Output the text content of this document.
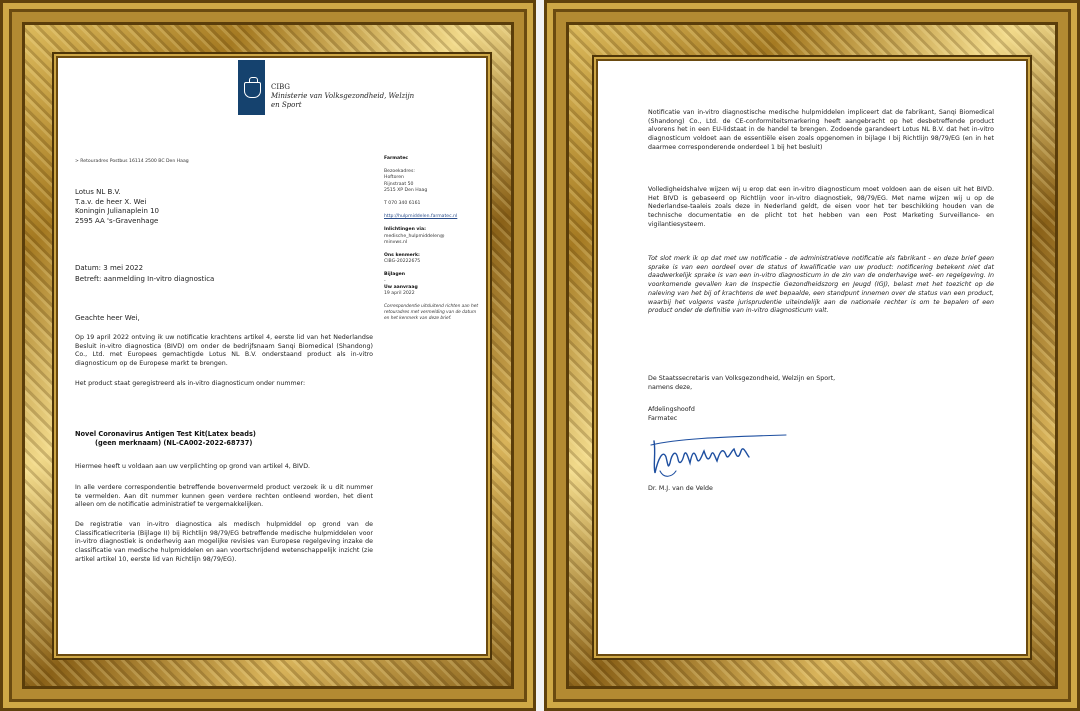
CIBG
Ministerie van Volksgezondheid, Welzijn en Sport
> Retouradres Postbus 16114 2500 BC Den Haag
Lotus NL B.V.
T.a.v. de heer X. Wei
Koningin Julianaplein 10
2595 AA 's-Gravenhage
Datum: 3 mei 2022
Betreft: aanmelding In-vitro diagnostica
Farmatec
Bezoekadres:
Hoftoren
Rijnstraat 50
2515 XP Den Haag
T 070 340 6161
http://hulpmiddelen.farmatec.nl
Inlichtingen via:
medische_hulpmiddelen@
minvws.nl
Ons kenmerk:
CIBG-20222675
Bijlagen
-
Uw aanvraag
19 april 2022
Correspondentie uitsluitend richten aan het retouradres met vermelding van de datum en het kenmerk van deze brief.
Geachte heer Wei,

Op 19 april 2022 ontving ik uw notificatie krachtens artikel 4, eerste lid van het Nederlandse Besluit in-vitro diagnostica (BIVD) om onder de bedrijfsnaam Sanqi Biomedical (Shandong) Co., Ltd. met Europees gemachtigde Lotus NL B.V. onderstaand product als in-vitro diagnosticum op de Europese markt te brengen.

Het product staat geregistreerd als in-vitro diagnosticum onder nummer:

Novel Coronavirus Antigen Test Kit(Latex beads)
(geen merknaam) (NL-CA002-2022-68737)

Hiermee heeft u voldaan aan uw verplichting op grond van artikel 4, BIVD.

In alle verdere correspondentie betreffende bovenvermeld product verzoek ik u dit nummer te vermelden. Aan dit nummer kunnen geen verdere rechten ontleend worden, het dient alleen om de notificatie administratief te vergemakkelijken.

De registratie van in-vitro diagnostica als medisch hulpmiddel op grond van de Classificatiecriteria (Bijlage II) bij Richtlijn 98/79/EG betreffende medische hulpmiddelen voor in-vitro diagnostiek is onderhevig aan mogelijke revisies van Europese regelgeving inzake de classificatie van medische hulpmiddelen en aan voortschrijdend wetenschappelijk inzicht (zie artikel artikel 10, eerste lid van Richtlijn 98/79/EG).

Notificatie van in-vitro diagnostische medische hulpmiddelen impliceert dat de fabrikant, Sanqi Biomedical (Shandong) Co., Ltd. de CE-conformiteitsmarkering heeft aangebracht op het desbetreffende product alvorens het in een EU-lidstaat in de handel te brengen. Zodoende garandeert Lotus NL B.V. dat het in-vitro diagnosticum voldoet aan de essentiële eisen zoals opgenomen in bijlage I bij Richtlijn 98/79/EG (en in het daarmee corresponderende onderdeel 1 bij het besluit)

Volledigheidshalve wijzen wij u erop dat een in-vitro diagnosticum moet voldoen aan de eisen uit het BIVD. Het BIVD is gebaseerd op Richtlijn voor in-vitro diagnostiek, 98/79/EG. Met name wijzen wij u op de Nederlandse-taaleis zoals deze in Nederland geldt, de eisen voor het ter beschikking houden van de technische documentatie en de plicht tot het hebben van een Post Marketing Surveillance- en vigilantiesysteem.

Tot slot merk ik op dat met uw notificatie - de administratieve notificatie als fabrikant - en deze brief geen sprake is van een oordeel over de status of kwalificatie van uw product: notificering betekent niet dat daadwerkelijk sprake is van een in-vitro diagnosticum in de zin van de onderhavige wet- en regelgeving. In voorkomende gevallen kan de Inspectie Gezondheidszorg en Jeugd (IGJ), belast met het toezicht op de naleving van het bij of krachtens de wet bepaalde, een standpunt innemen over de status van een product, waarbij het volgens vaste jurisprudentie uiteindelijk aan de nationale rechter is om te bepalen of een product onder de definitie van in-vitro diagnosticum valt.

De Staatssecretaris van Volksgezondheid, Welzijn en Sport,
namens deze,
Afdelingshoofd
Farmatec
Dr. M.J. van de Velde
